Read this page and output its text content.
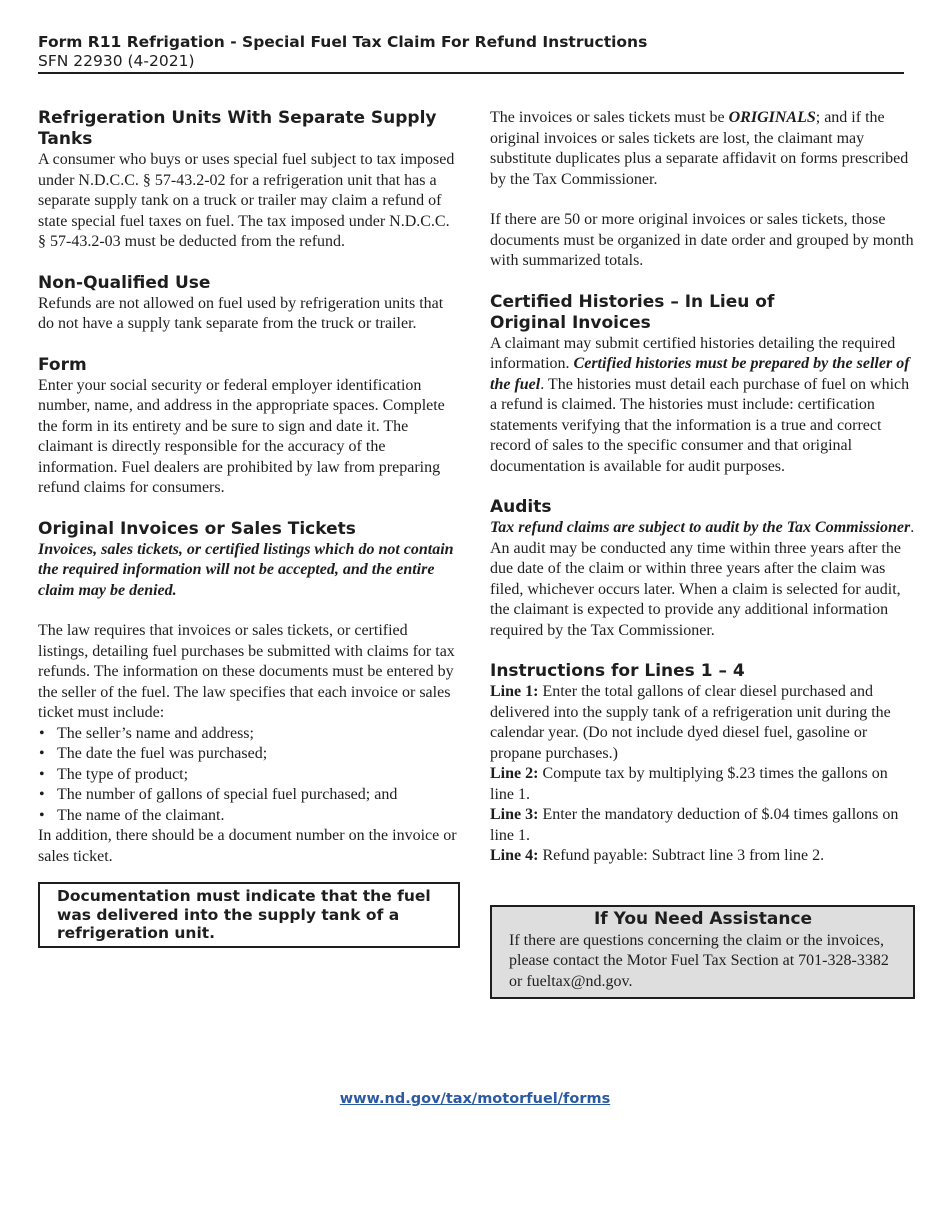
Form R11 Refrigation - Special Fuel Tax Claim For Refund Instructions
SFN 22930 (4-2021)
Refrigeration Units With Separate Supply Tanks

A consumer who buys or uses special fuel subject to tax imposed under N.D.C.C. § 57-43.2-02 for a refrigeration unit that has a separate supply tank on a truck or trailer may claim a refund of state special fuel taxes on fuel. The tax imposed under N.D.C.C. § 57-43.2-03 must be deducted from the refund.

Non-Qualified Use

Refunds are not allowed on fuel used by refrigeration units that do not have a supply tank separate from the truck or trailer.

Form

Enter your social security or federal employer identification number, name, and address in the appropriate spaces. Complete the form in its entirety and be sure to sign and date it. The claimant is directly responsible for the accuracy of the information. Fuel dealers are prohibited by law from preparing refund claims for consumers.

Original Invoices or Sales Tickets

Invoices, sales tickets, or certified listings which do not contain the required information will not be accepted, and the entire claim may be denied.

The law requires that invoices or sales tickets, or certified listings, detailing fuel purchases be submitted with claims for tax refunds. The information on these documents must be entered by the seller of the fuel. The law specifies that each invoice or sales ticket must include:

• The seller’s name and address;
• The date the fuel was purchased;
• The type of product;
• The number of gallons of special fuel purchased; and
• The name of the claimant.

In addition, there should be a document number on the invoice or sales ticket.

Documentation must indicate that the fuel was delivered into the supply tank of a refrigeration unit.

The invoices or sales tickets must be ORIGINALS; and if the original invoices or sales tickets are lost, the claimant may substitute duplicates plus a separate affidavit on forms prescribed by the Tax Commissioner.

If there are 50 or more original invoices or sales tickets, those documents must be organized in date order and grouped by month with summarized totals.

Certified Histories – In Lieu of
Original Invoices

A claimant may submit certified histories detailing the required information. Certified histories must be prepared by the seller of the fuel. The histories must detail each purchase of fuel on which a refund is claimed. The histories must include: certification statements verifying that the information is a true and correct record of sales to the specific consumer and that original documentation is available for audit purposes.

Audits

Tax refund claims are subject to audit by the Tax Commissioner. An audit may be conducted any time within three years after the due date of the claim or within three years after the claim was filed, whichever occurs later. When a claim is selected for audit, the claimant is expected to provide any additional information required by the Tax Commissioner.

Instructions for Lines 1 – 4

Line 1: Enter the total gallons of clear diesel purchased and delivered into the supply tank of a refrigeration unit during the calendar year. (Do not include dyed diesel fuel, gasoline or propane purchases.)

Line 2: Compute tax by multiplying $.23 times the gallons on line 1.

Line 3: Enter the mandatory deduction of $.04 times gallons on line 1.

Line 4: Refund payable: Subtract line 3 from line 2.

If You Need Assistance

If there are questions concerning the claim or the invoices, please contact the Motor Fuel Tax Section at 701-328-3382 or fueltax@nd.gov.

www.nd.gov/tax/motorfuel/forms
